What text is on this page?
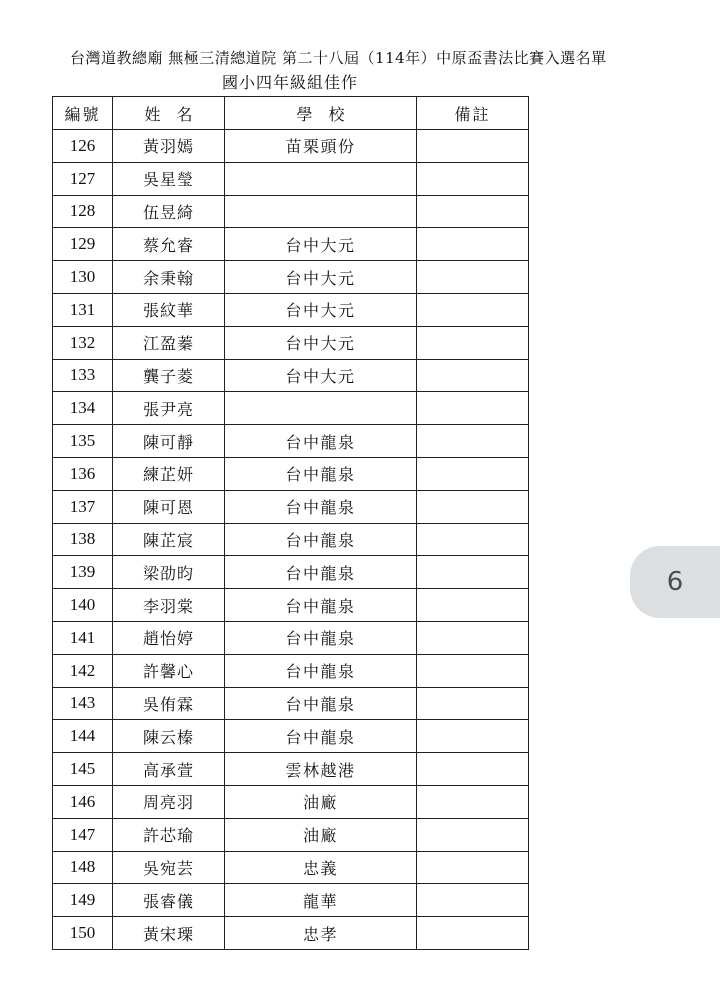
台灣道教總廟 無極三清總道院 第二十八屆（114年）中原盃書法比賽入選名單
國小四年級組佳作
編號	姓　名	學　校	備註
126	黃羽嫣	苗栗頭份	
127	吳星瑩		
128	伍昱綺		
129	蔡允睿	台中大元	
130	余秉翰	台中大元	
131	張紋華	台中大元	
132	江盈蓁	台中大元	
133	龔子菱	台中大元	
134	張尹亮		
135	陳可靜	台中龍泉	
136	練芷妍	台中龍泉	
137	陳可恩	台中龍泉	
138	陳芷宸	台中龍泉	
139	梁劭昀	台中龍泉	
140	李羽棠	台中龍泉	
141	趙怡婷	台中龍泉	
142	許馨心	台中龍泉	
143	吳侑霖	台中龍泉	
144	陳云榛	台中龍泉	
145	高承萱	雲林越港	
146	周亮羽	油廠	
147	許芯瑜	油廠	
148	吳宛芸	忠義	
149	張睿儀	龍華	
150	黃宋瑮	忠孝	
6
